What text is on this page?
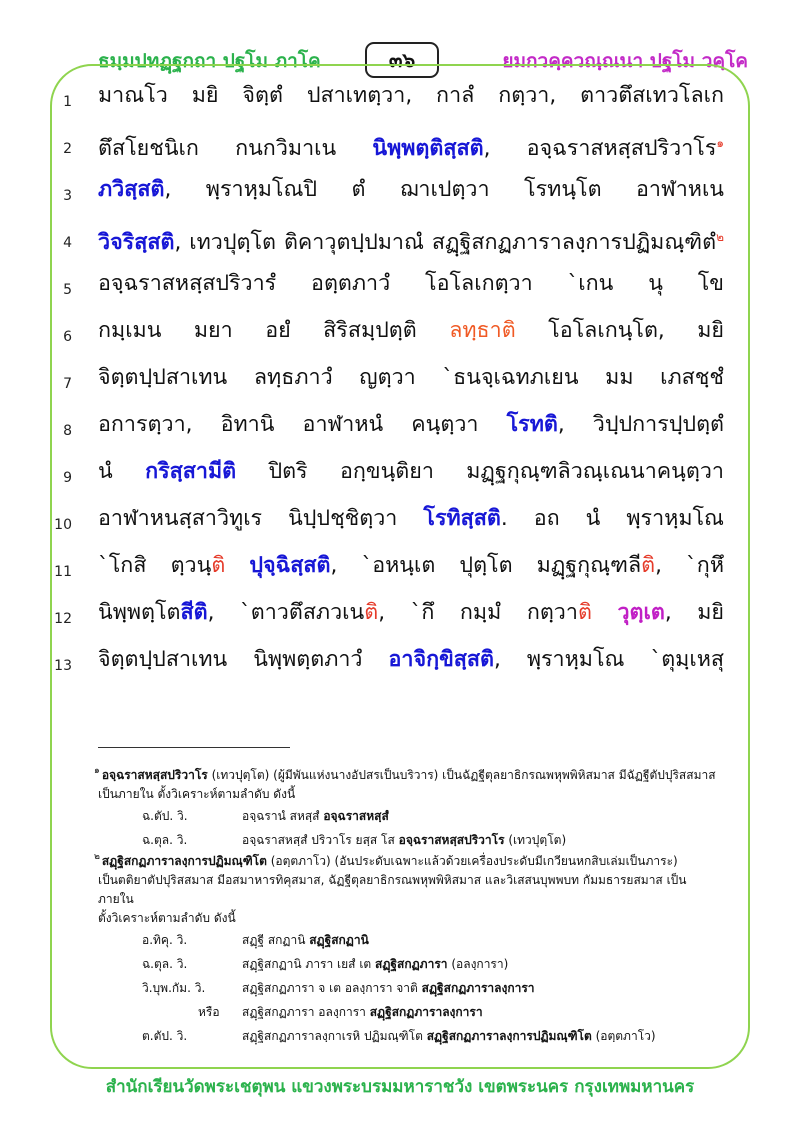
ธมฺมปทฏฺฐกถา ปฐโม ภาโค	๓๖	ยมกวคฺควณฺณนา ปฐโม วคฺโค
1 มาณโว มยิ จิตฺตํ ปสาเทตฺวา, กาลํ กตฺวา, ตาวตึสเทวโลเก
2 ตึสโยชนิเก กนกวิมาเน นิพฺพตฺติสฺสติ, อจฺฉราสหสฺสปริวาโร$^๑$
3 ภวิสฺสติ, พฺราหฺมโณปิ ตํ ฌาเปตฺวา โรทนฺโต อาฬาหเน
4 วิจริสฺสติ, เทวปุตฺโต ติคาวุตปฺปมาณํ สฏฺฐิสกฏภาราลงฺการปฏิมณฺฑิตํ$^๒$
5 อจฺฉราสหสฺสปริวารํ อตฺตภาวํ โอโลเกตฺวา `เกน นุ โข
6 กมฺเมน มยา อยํ สิริสมฺปตฺติ ลทฺธาติ โอโลเกนฺโต, มยิ
7 จิตฺตปฺปสาเทน ลทฺธภาวํ ญตฺวา `ธนจฺเฉทภเยน มม เภสชฺชํ
8 อการตฺวา, อิทานิ อาฬาหนํ คนฺตฺวา โรทติ, วิปฺปการปฺปตฺตํ
9 นํ กริสฺสามีติ ปิตริ อกฺขนฺติยา มฏฺฐกุณฺฑลิวณฺเณนาคนฺตฺวา
10 อาฬาหนสฺสาวิทูเร นิปฺปชฺชิตฺวา โรทิสฺสติ. อถ นํ พฺราหฺมโณ
11 `โกสิ ตฺวนฺติ ปุจฺฉิสฺสติ, `อหนฺเต ปุตฺโต มฏฺฐกุณฺฑลีติ, `กุหึ
12 นิพฺพตฺโตสีติ, `ตาวตึสภวเนติ, `กึ กมฺมํ กตฺวาติ วุตฺเต, มยิ
13 จิตฺตปฺปสาเทน นิพฺพตฺตภาวํ อาจิกฺขิสฺสติ, พฺราหฺมโณ `ตุมฺเหสุ
๑ อจฺฉราสหสฺสปริวาโร (เทวปุตฺโต) (ผู้มีพันแห่งนางอัปสรเป็นบริวาร) เป็นฉัฏฐีตุลยาธิกรณพหุพพิหิสมาส มีฉัฏฐีตัปปุริสสมาส
เป็นภายใน ตั้งวิเคราะห์ตามลำดับ ดังนี้
ฉ.ตัป. วิ.	อจฺฉรานํ สหสฺสํ อจฺฉราสหสฺสํ
ฉ.ตุล. วิ.	อจฺฉราสหสฺสํ ปริวาโร ยสฺส โส อจฺฉราสหสฺสปริวาโร (เทวปุตฺโต)
๒ สฏฺฐิสกฏภาราลงฺการปฏิมณฺฑิโต (อตฺตภาโว) (อันประดับเฉพาะแล้วด้วยเครื่องประดับมีเกวียนหกสิบเล่มเป็นภาระ)
เป็นตติยาตัปปุริสสมาส มีอสมาหารทิคุสมาส, ฉัฏฐีตุลยาธิกรณพหุพพิหิสมาส และวิเสสนบุพพบท กัมมธารยสมาส เป็นภายใน
ตั้งวิเคราะห์ตามลำดับ ดังนี้
อ.ทิคุ. วิ.	สฏฺฐี สกฏานิ สฏฺฐิสกฏานิ
ฉ.ตุล. วิ.	สฏฺฐิสกฏานิ ภารา เยสํ เต สฏฺฐิสกฏภารา (อลงฺการา)
วิ.บุพ.กัม. วิ.	สฏฺฐิสกฏภารา จ เต อลงฺการา จาติ สฏฺฐิสกฏภาราลงฺการา
หรือ สฏฺฐิสกฏภารา อลงฺการา สฏฺฐิสกฏภาราลงฺการา
ต.ตัป. วิ.	สฏฺฐิสกฏภาราลงฺกาเรหิ ปฏิมณฺฑิโต สฏฺฐิสกฏภาราลงฺการปฏิมณฺฑิโต (อตฺตภาโว)
สำนักเรียนวัดพระเชตุพน แขวงพระบรมมหาราชวัง เขตพระนคร กรุงเทพมหานคร
